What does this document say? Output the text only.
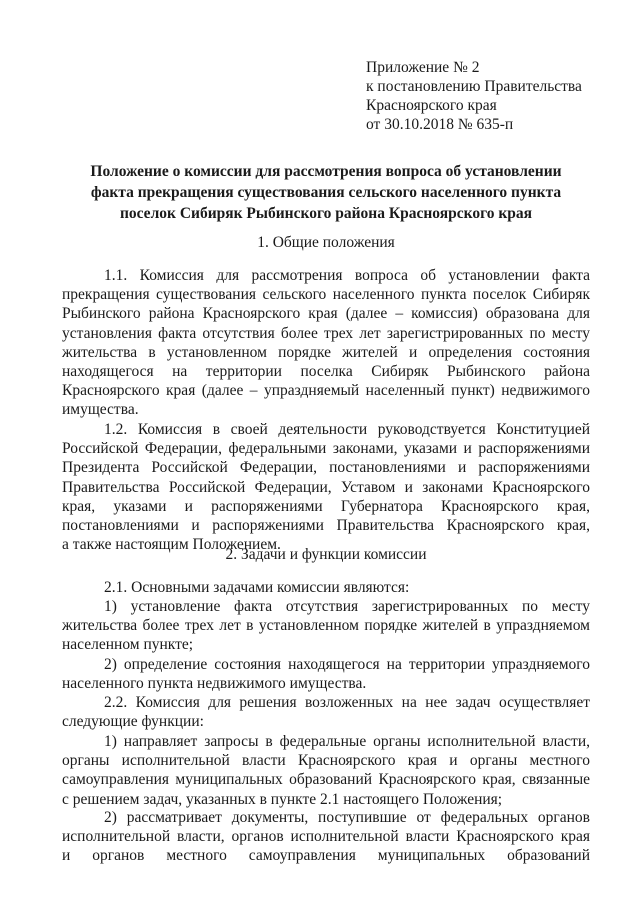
Приложение № 2
к постановлению Правительства
Красноярского края
от 30.10.2018 № 635-п
Положение о комиссии для рассмотрения вопроса об установлении
факта прекращения существования сельского населенного пункта
поселок Сибиряк Рыбинского района Красноярского края
1. Общие положения
1.1. Комиссия для рассмотрения вопроса об установлении факта
прекращения существования сельского населенного пункта поселок Сибиряк
Рыбинского района Красноярского края (далее – комиссия) образована для
установления факта отсутствия более трех лет зарегистрированных по месту
жительства в установленном порядке жителей и определения состояния
находящегося на территории поселка Сибиряк Рыбинского района
Красноярского края (далее – упраздняемый населенный пункт) недвижимого
имущества.
1.2. Комиссия в своей деятельности руководствуется Конституцией
Российской Федерации, федеральными законами, указами и распоряжениями
Президента Российской Федерации, постановлениями и распоряжениями
Правительства Российской Федерации, Уставом и законами Красноярского
края, указами и распоряжениями Губернатора Красноярского края,
постановлениями и распоряжениями Правительства Красноярского края,
а также настоящим Положением.
2. Задачи и функции комиссии
2.1. Основными задачами комиссии являются:
1) установление факта отсутствия зарегистрированных по месту
жительства более трех лет в установленном порядке жителей в упраздняемом
населенном пункте;
2) определение состояния находящегося на территории упраздняемого
населенного пункта недвижимого имущества.
2.2. Комиссия для решения возложенных на нее задач осуществляет
следующие функции:
1) направляет запросы в федеральные органы исполнительной власти,
органы исполнительной власти Красноярского края и органы местного
самоуправления муниципальных образований Красноярского края, связанные
с решением задач, указанных в пункте 2.1 настоящего Положения;
2) рассматривает документы, поступившие от федеральных органов
исполнительной власти, органов исполнительной власти Красноярского края
и органов местного самоуправления муниципальных образований
